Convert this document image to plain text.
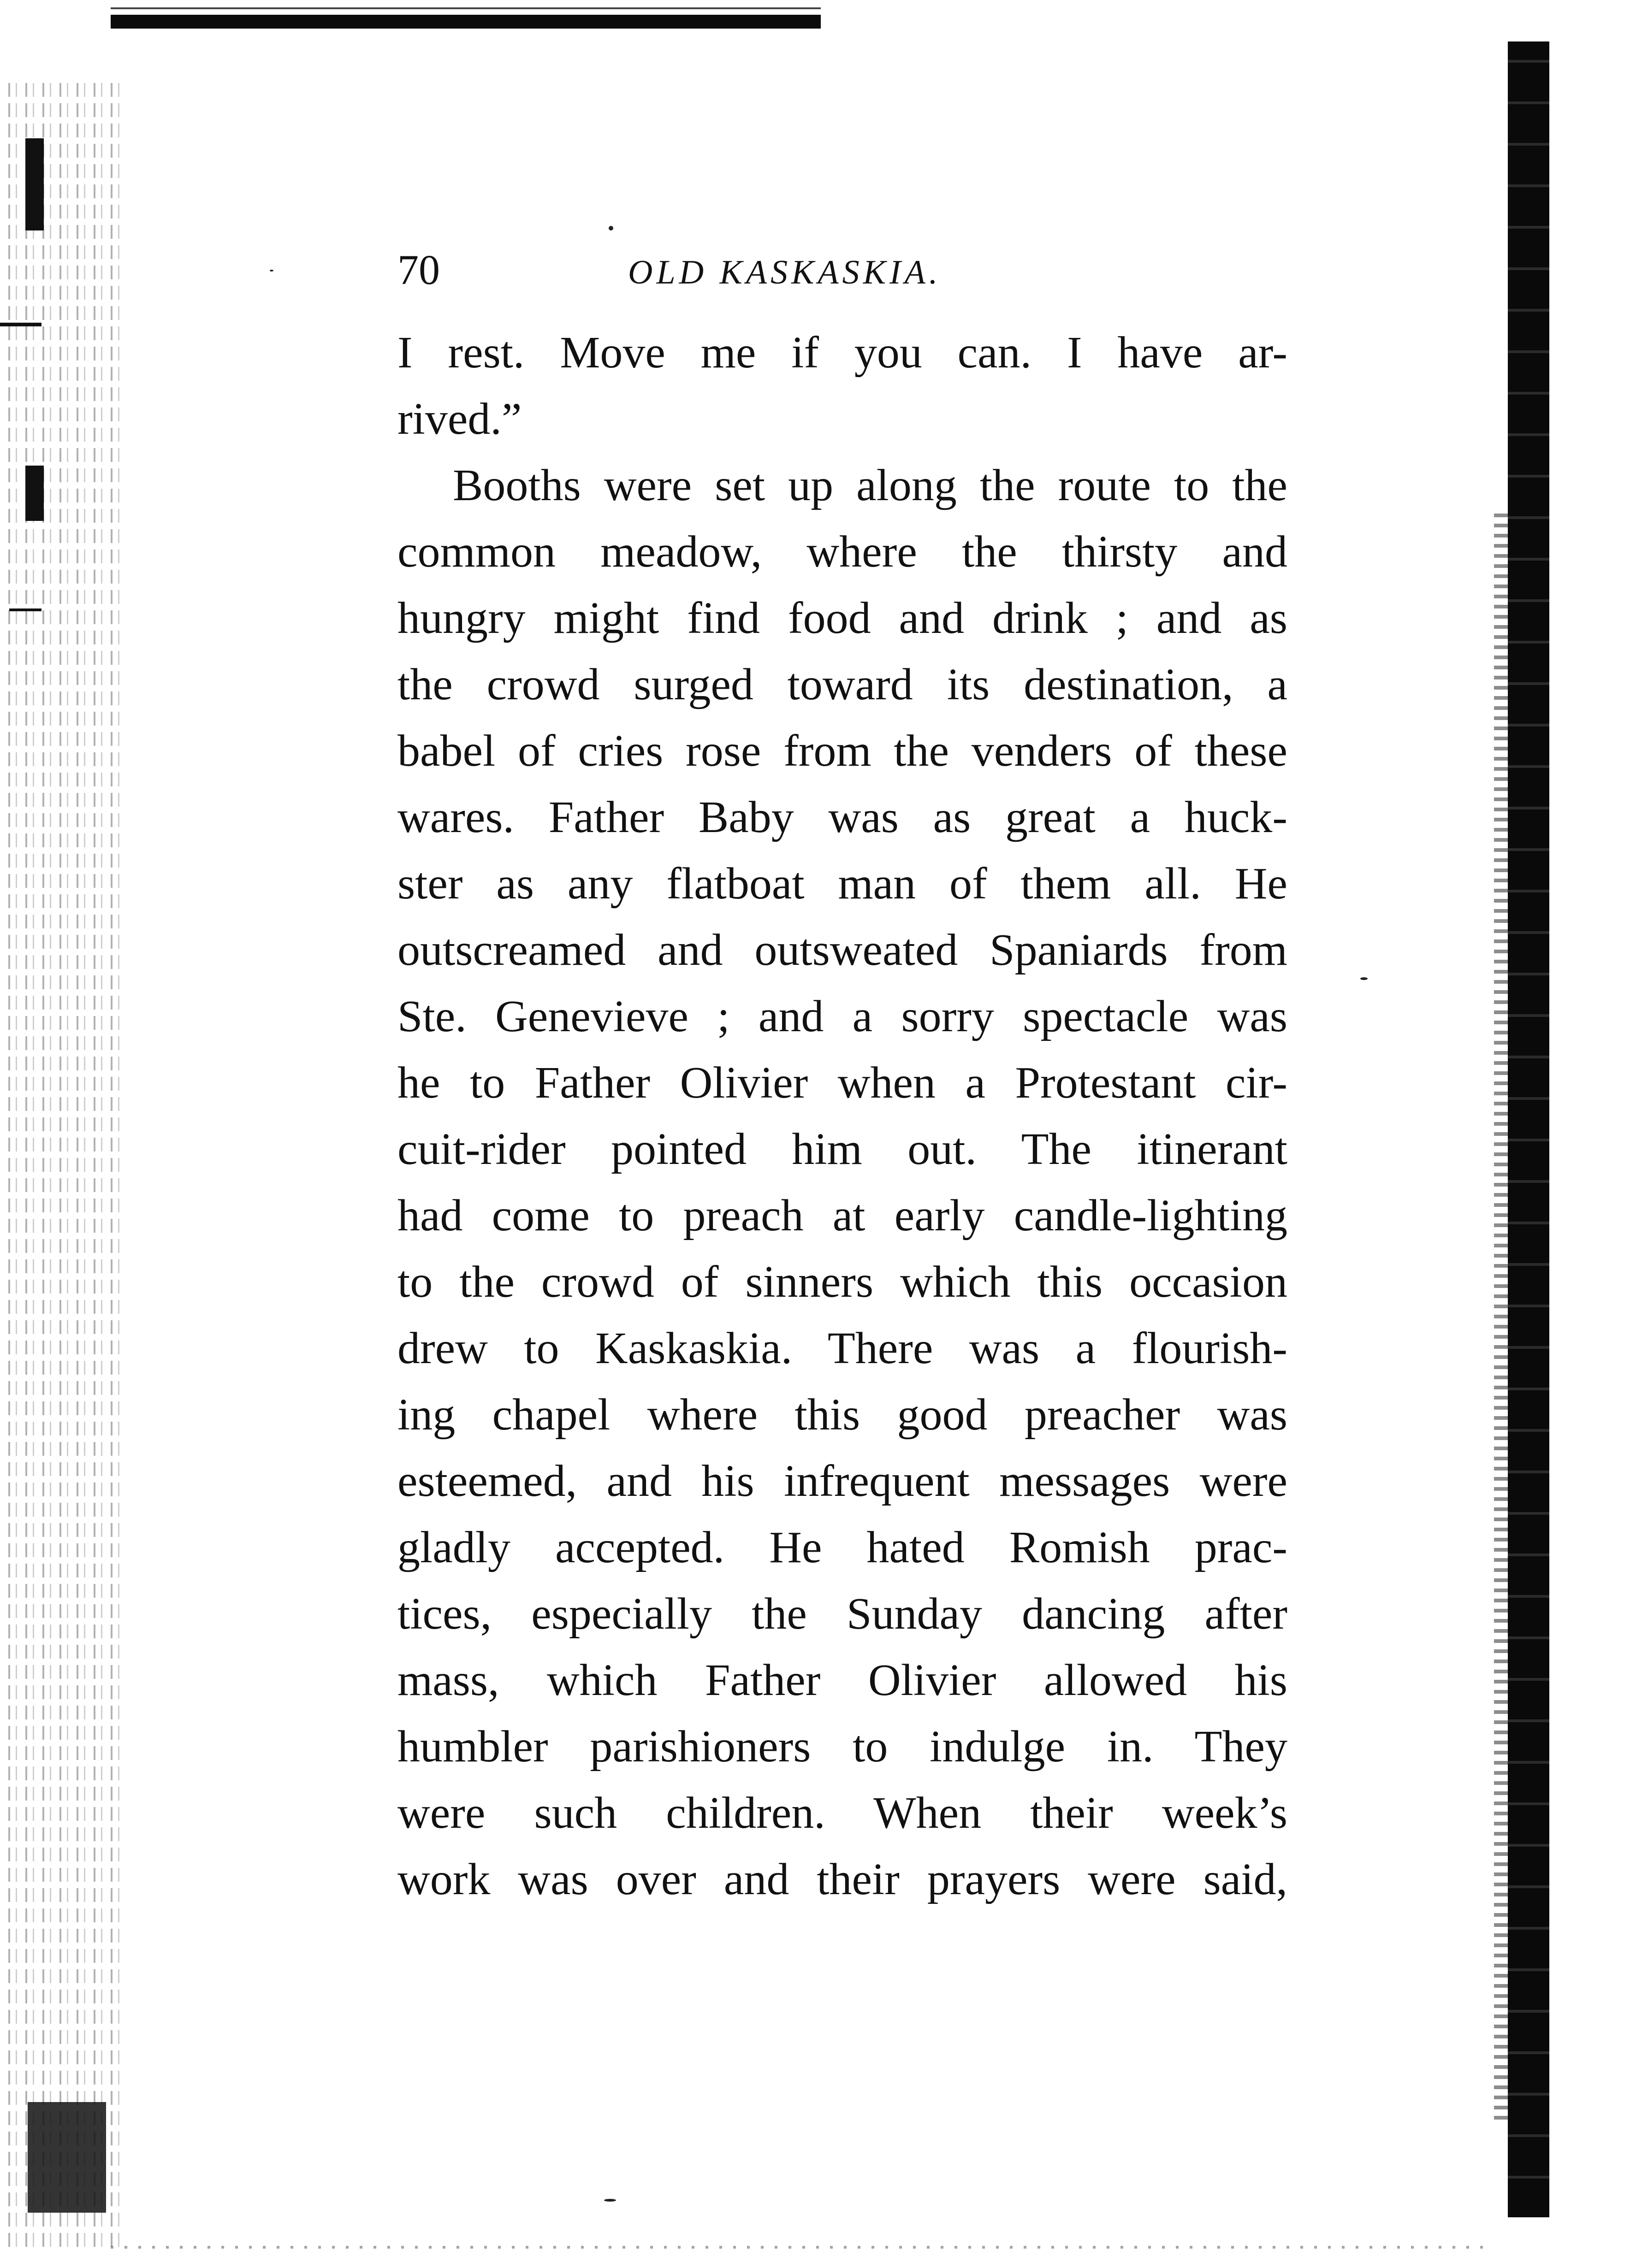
70	OLD KASKASKIA.
I rest. Move me if you can. I have ar-
rived.”
Booths were set up along the route to the
common meadow, where the thirsty and
hungry might find food and drink ; and as
the crowd surged toward its destination, a
babel of cries rose from the venders of these
wares. Father Baby was as great a huck-
ster as any flatboat man of them all. He
outscreamed and outsweated Spaniards from
Ste. Genevieve ; and a sorry spectacle was
he to Father Olivier when a Protestant cir-
cuit-rider pointed him out. The itinerant
had come to preach at early candle-lighting
to the crowd of sinners which this occasion
drew to Kaskaskia. There was a flourish-
ing chapel where this good preacher was
esteemed, and his infrequent messages were
gladly accepted. He hated Romish prac-
tices, especially the Sunday dancing after
mass, which Father Olivier allowed his
humbler parishioners to indulge in. They
were such children. When their week’s
work was over and their prayers were said,
